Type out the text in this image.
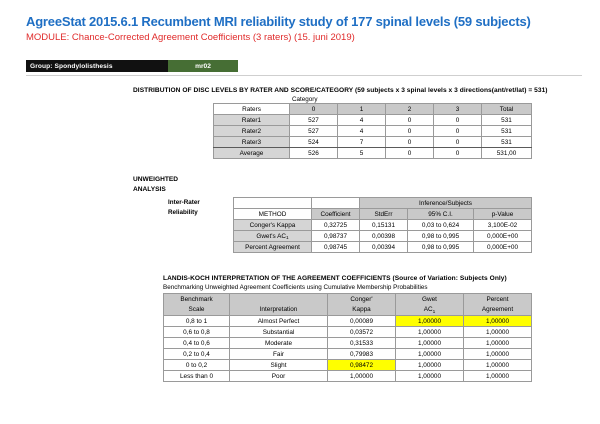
AgreeStat 2015.6.1 Recumbent MRI reliability study of 177 spinal levels (59 subjects)
MODULE: Chance-Corrected Agreement Coefficients (3 raters) (15. juni 2019)
Group: Spondylolisthesis	mr02
DISTRIBUTION OF DISC LEVELS BY RATER AND SCORE/CATEGORY (59 subjects x 3 spinal levels x 3 directions(ant/ret/lat) = 531)
Category
Raters	0	1	2	3	Total
Rater1	527	4	0	0	531
Rater2	527	4	0	0	531
Rater3	524	7	0	0	531
Average	526	5	0	0	531,00
UNWEIGHTED
ANALYSIS
Inter-Rater
Reliability
		Inference/Subjects		
METHOD	Coefficient	StdErr	95% C.I.	p-Value
Conger's Kappa	0,32725	0,15131	0,03 to 0,624	3,100E-02
Gwet's $AC_1$	0,98737	0,00398	0,98 to 0,995	0,000E+00
Percent Agreement	0,98745	0,00394	0,98 to 0,995	0,000E+00
LANDIS-KOCH INTERPRETATION OF THE AGREEMENT COEFFICIENTS (Source of Variation: Subjects Only)
Benchmarking Unweighted Agreement Coefficients using Cumulative Membership Probabilities
Benchmark		Conger'	Gwet	Percent
Scale	Interpretation	Kappa	$AC_1$	Agreement
0,8 to 1	Almost Perfect	0,00089	1,00000	1,00000
0,6 to 0,8	Substantial	0,03572	1,00000	1,00000
0,4 to 0,6	Moderate	0,31533	1,00000	1,00000
0,2 to 0,4	Fair	0,79983	1,00000	1,00000
0 to 0,2	Slight	0,98472	1,00000	1,00000
Less than 0	Poor	1,00000	1,00000	1,00000
